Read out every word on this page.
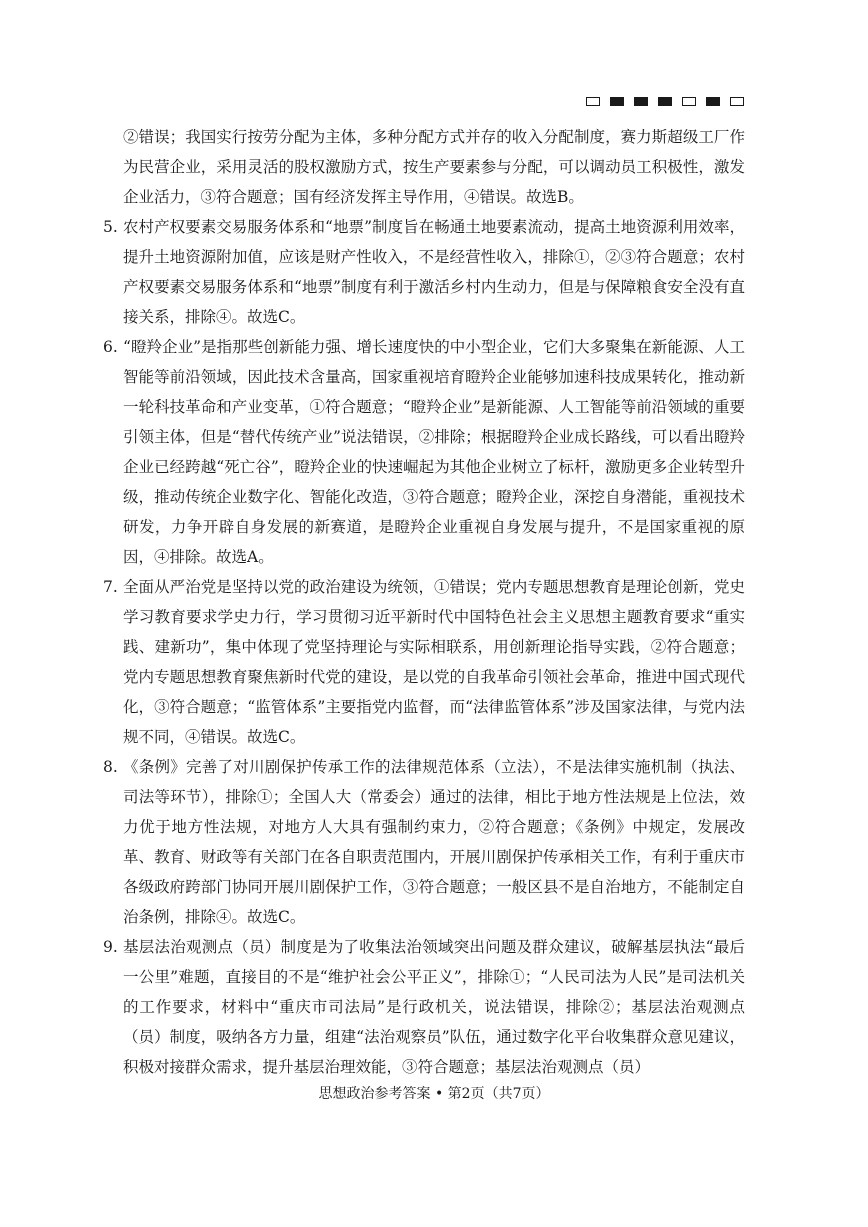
②错误；我国实行按劳分配为主体，多种分配方式并存的收入分配制度，赛力斯超级工厂作为民营企业，采用灵活的股权激励方式，按生产要素参与分配，可以调动员工积极性，激发企业活力，③符合题意；国有经济发挥主导作用，④错误。故选B。

5. 农村产权要素交易服务体系和“地票”制度旨在畅通土地要素流动，提高土地资源利用效率，提升土地资源附加值，应该是财产性收入，不是经营性收入，排除①，②③符合题意；农村产权要素交易服务体系和“地票”制度有利于激活乡村内生动力，但是与保障粮食安全没有直接关系，排除④。故选C。
6. “瞪羚企业”是指那些创新能力强、增长速度快的中小型企业，它们大多聚集在新能源、人工智能等前沿领域，因此技术含量高，国家重视培育瞪羚企业能够加速科技成果转化，推动新一轮科技革命和产业变革，①符合题意；“瞪羚企业”是新能源、人工智能等前沿领域的重要引领主体，但是“替代传统产业”说法错误，②排除；根据瞪羚企业成长路线，可以看出瞪羚企业已经跨越“死亡谷”，瞪羚企业的快速崛起为其他企业树立了标杆，激励更多企业转型升级，推动传统企业数字化、智能化改造，③符合题意；瞪羚企业，深挖自身潜能，重视技术研发，力争开辟自身发展的新赛道，是瞪羚企业重视自身发展与提升，不是国家重视的原因，④排除。故选A。
7. 全面从严治党是坚持以党的政治建设为统领，①错误；党内专题思想教育是理论创新，党史学习教育要求学史力行，学习贯彻习近平新时代中国特色社会主义思想主题教育要求“重实践、建新功”，集中体现了党坚持理论与实际相联系，用创新理论指导实践，②符合题意；党内专题思想教育聚焦新时代党的建设，是以党的自我革命引领社会革命，推进中国式现代化，③符合题意；“监管体系”主要指党内监督，而“法律监管体系”涉及国家法律，与党内法规不同，④错误。故选C。
8. 《条例》完善了对川剧保护传承工作的法律规范体系（立法），不是法律实施机制（执法、司法等环节），排除①；全国人大（常委会）通过的法律，相比于地方性法规是上位法，效力优于地方性法规，对地方人大具有强制约束力，②符合题意；《条例》中规定，发展改革、教育、财政等有关部门在各自职责范围内，开展川剧保护传承相关工作，有利于重庆市各级政府跨部门协同开展川剧保护工作，③符合题意；一般区县不是自治地方，不能制定自治条例，排除④。故选C。
9. 基层法治观测点（员）制度是为了收集法治领域突出问题及群众建议，破解基层执法“最后一公里”难题，直接目的不是“维护社会公平正义”，排除①；“人民司法为人民”是司法机关的工作要求，材料中“重庆市司法局”是行政机关，说法错误，排除②；基层法治观测点（员）制度，吸纳各方力量，组建“法治观察员”队伍，通过数字化平台收集群众意见建议，积极对接群众需求，提升基层治理效能，③符合题意；基层法治观测点（员）
思想政治参考答案 • 第2页（共7页）
